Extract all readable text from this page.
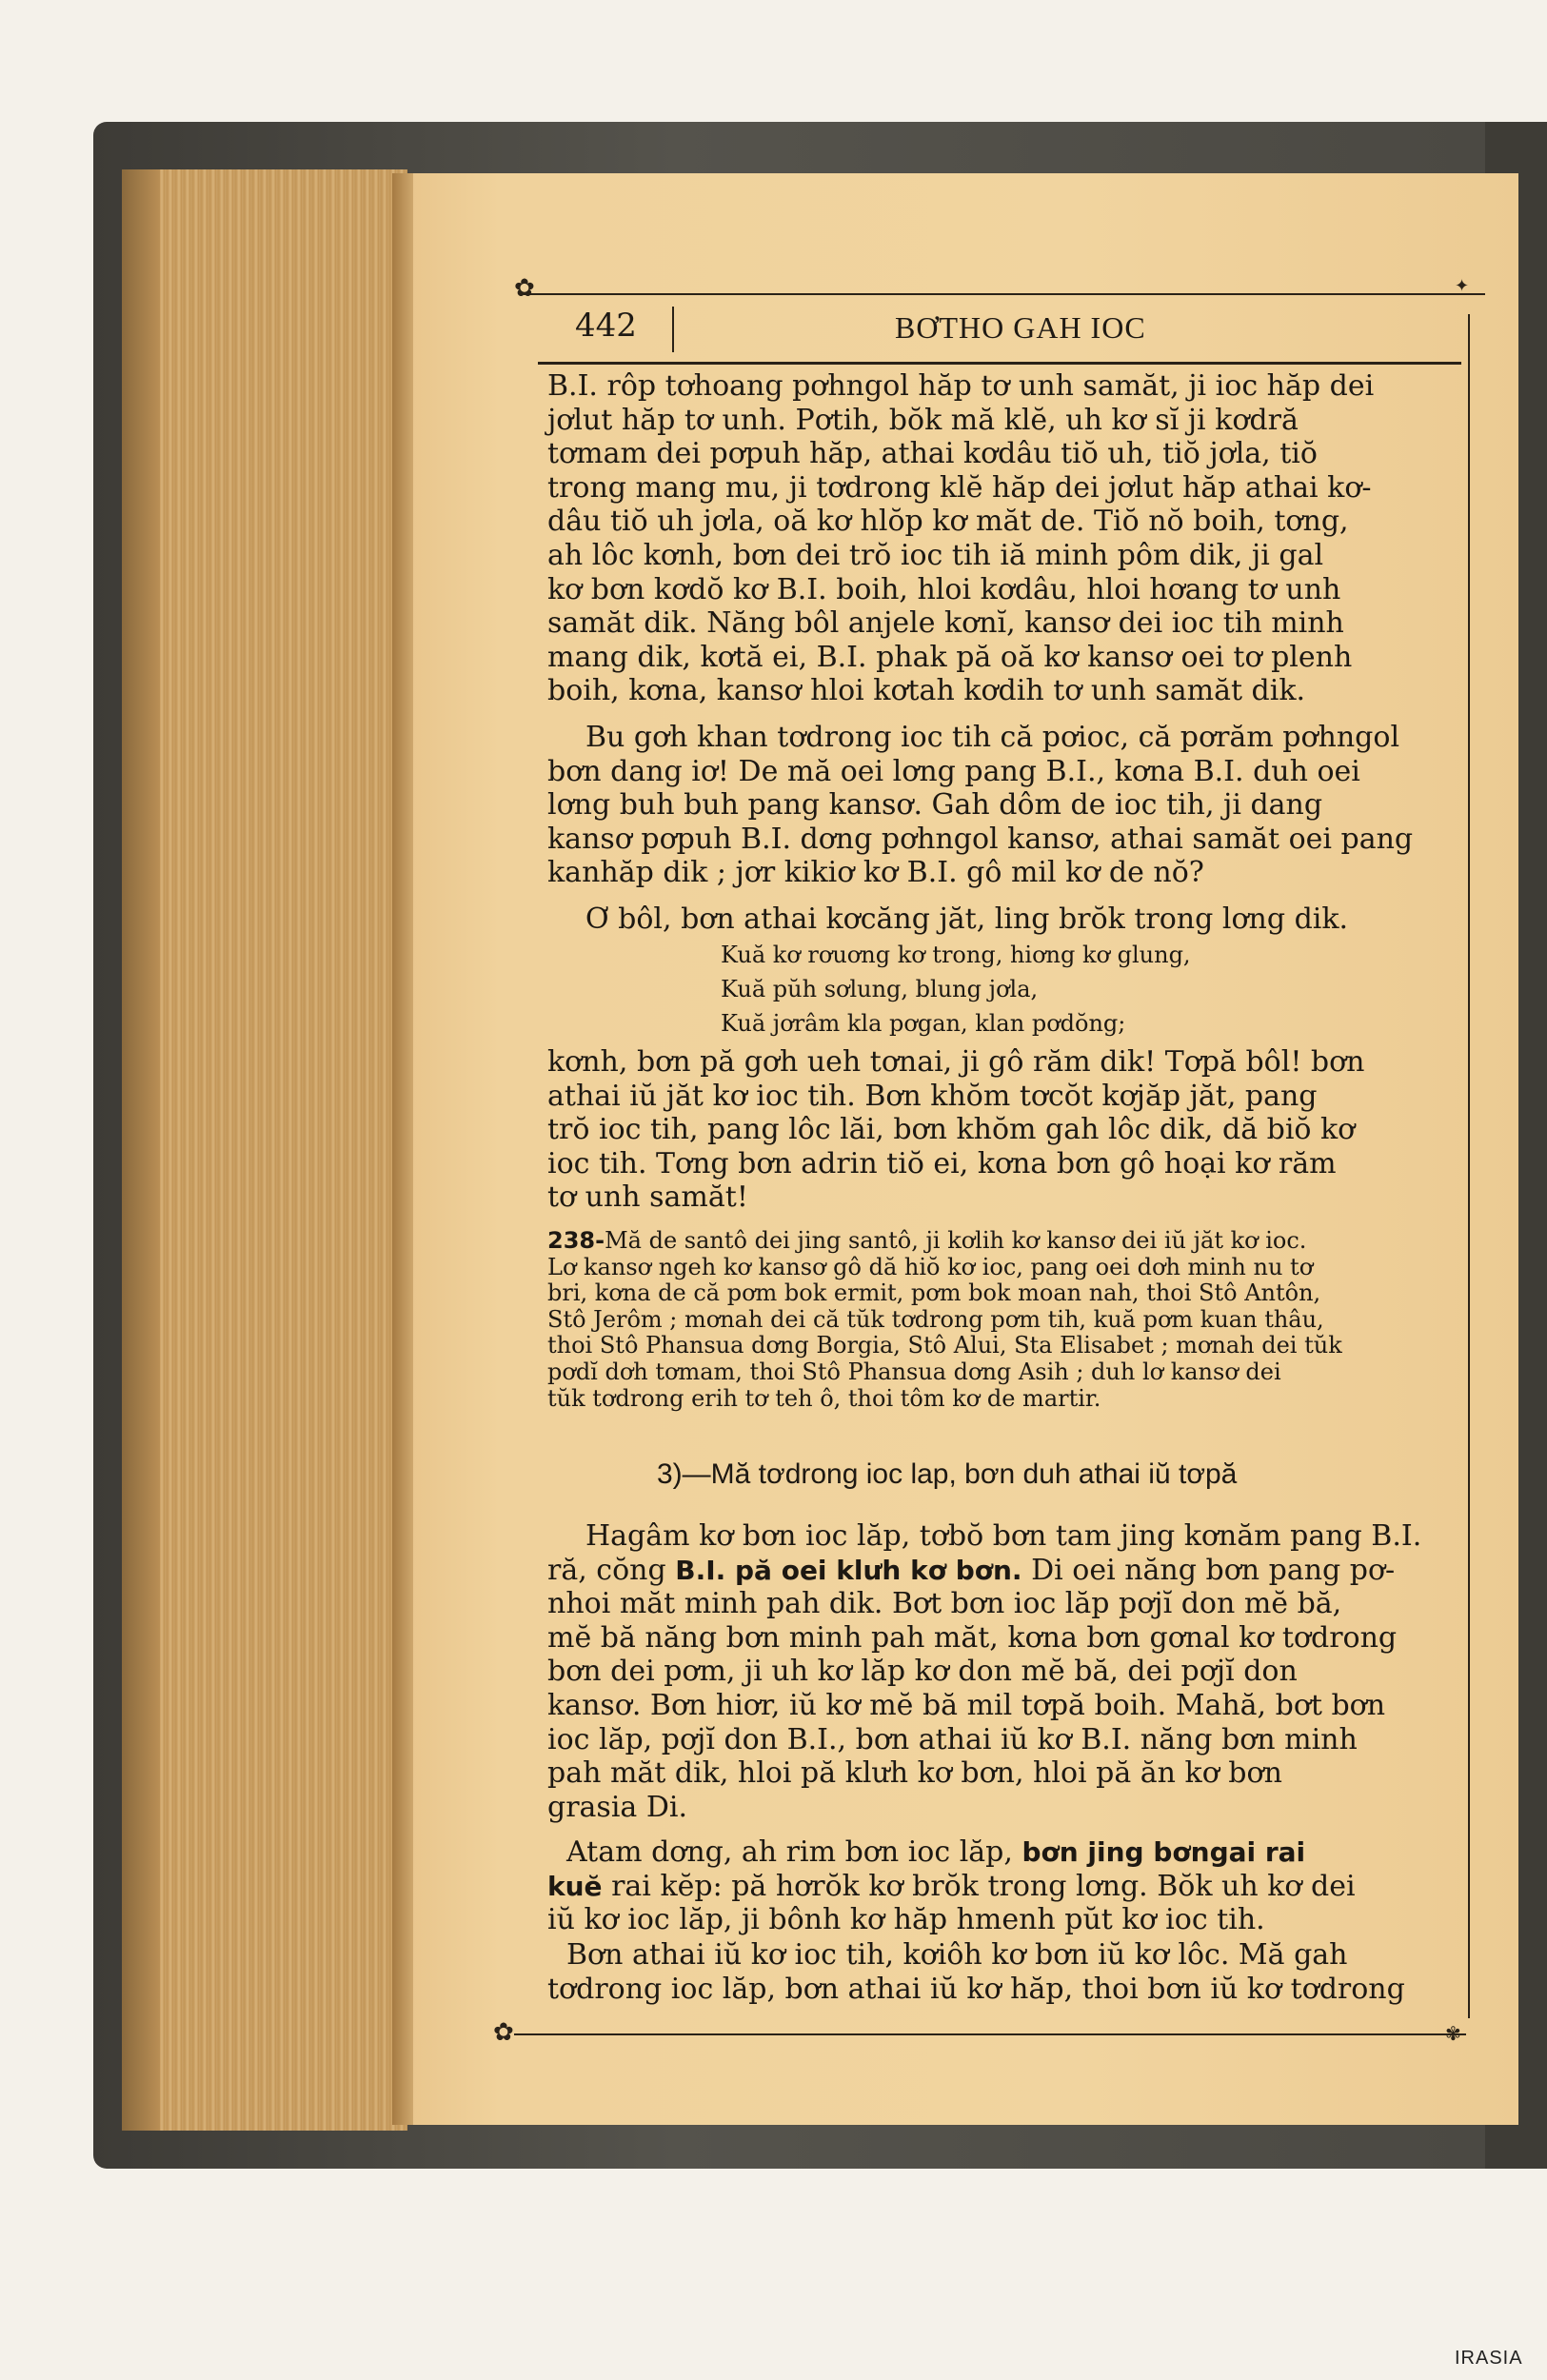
✿	✦
442	BƠTHO GAH IOC
B.I. rôp tơhoang pơhngol hăp tơ unh samăt, ji ioc hăp dei
jơlut hăp tơ unh. Pơtih, bŏk mă klĕ, uh kơ sĭ ji kơdră
tơmam dei pơpuh hăp, athai kơdâu tiŏ uh, tiŏ jơla, tiŏ
trong mang mu, ji tơdrong klĕ hăp dei jơlut hăp athai kơ-
dâu tiŏ uh jơla, oă kơ hlŏp kơ măt de. Tiŏ nŏ boih, tơng,
ah lôc kơnh, bơn dei trŏ ioc tih iă minh pôm dik, ji gal
kơ bơn kơdŏ kơ B.I. boih, hloi kơdâu, hloi hơang tơ unh
samăt dik. Năng bôl anjele kơnĭ, kansơ dei ioc tih minh
mang dik, kơtă ei, B.I. phak pă oă kơ kansơ oei tơ plenh
boih, kơna, kansơ hloi kơtah kơdih tơ unh samăt dik.
Bu gơh khan tơdrong ioc tih că pơioc, că pơrăm pơhngol
bơn dang iơ! De mă oei lơng pang B.I., kơna B.I. duh oei
lơng buh buh pang kansơ. Gah dôm de ioc tih, ji dang
kansơ pơpuh B.I. dơng pơhngol kansơ, athai samăt oei pang
kanhăp dik ; jơr kikiơ kơ B.I. gô mil kơ de nŏ?
Ơ bôl, bơn athai kơcăng jăt, ling brŏk trong lơng dik.
Kuă kơ rơuơng kơ trong, hiơng kơ glung,
Kuă pŭh sơlung, blung jơla,
Kuă jơrâm kla pơgan, klan pơdŏng;
kơnh, bơn pă gơh ueh tơnai, ji gô răm dik! Tơpă bôl! bơn
athai iŭ jăt kơ ioc tih. Bơn khŏm tơcŏt kơjăp jăt, pang
trŏ ioc tih, pang lôc lăi, bơn khŏm gah lôc dik, dă biŏ kơ
ioc tih. Tơng bơn adrin tiŏ ei, kơna bơn gô hoại kơ răm
tơ unh samăt!
238-Mă de santô dei jing santô, ji kơlih kơ kansơ dei iŭ jăt kơ ioc.
Lơ kansơ ngeh kơ kansơ gô dă hiŏ kơ ioc, pang oei dơh minh nu tơ
bri, kơna de că pơm bok ermit, pơm bok moan nah, thoi Stô Antôn,
Stô Jerôm ; mơnah dei că tŭk tơdrong pơm tih, kuă pơm kuan thâu,
thoi Stô Phansua dơng Borgia, Stô Alui, Sta Elisabet ; mơnah dei tŭk
pơdĭ dơh tơmam, thoi Stô Phansua dơng Asih ; duh lơ kansơ dei
tŭk tơdrong erih tơ teh ô, thoi tôm kơ de martir.
3)—Mă tơdrong ioc lap, bơn duh athai iŭ tơpă
Hagâm kơ bơn ioc lăp, tơbŏ bơn tam jing kơnăm pang B.I.
ră, cŏng B.I. pă oei klưh kơ bơn. Di oei năng bơn pang pơ-
nhoi măt minh pah dik. Bơt bơn ioc lăp pơjĭ don mĕ bă,
mĕ bă năng bơn minh pah măt, kơna bơn gơnal kơ tơdrong
bơn dei pơm, ji uh kơ lăp kơ don mĕ bă, dei pơjĭ don
kansơ. Bơn hiơr, iŭ kơ mĕ bă mil tơpă boih. Mahă, bơt bơn
ioc lăp, pơjĭ don B.I., bơn athai iŭ kơ B.I. năng bơn minh
pah măt dik, hloi pă klưh kơ bơn, hloi pă ăn kơ bơn
grasia Di.
Atam dơng, ah rim bơn ioc lăp, bơn jing bơngai rai
kuĕ rai kĕp: pă hơrŏk kơ brŏk trong lơng. Bŏk uh kơ dei
iŭ kơ ioc lăp, ji bônh kơ hăp hmenh pŭt kơ ioc tih.
Bơn athai iŭ kơ ioc tih, kơiôh kơ bơn iŭ kơ lôc. Mă gah
tơdrong ioc lăp, bơn athai iŭ kơ hăp, thoi bơn iŭ kơ tơdrong
✿	✾
IRASIA
